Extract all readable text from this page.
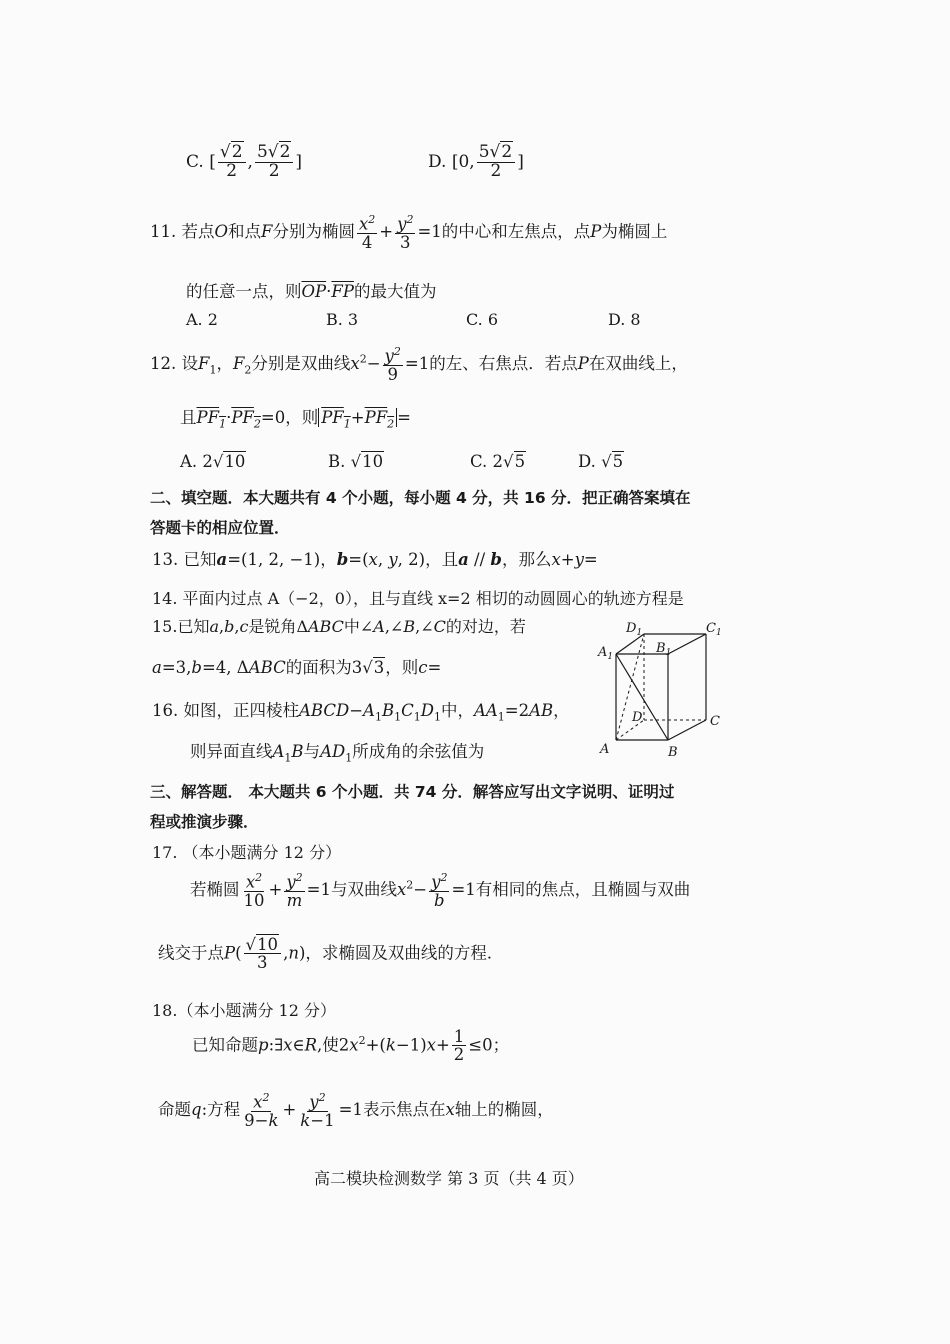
C. [ $\frac{√2}{2}$ , $\frac{5√2}{2}$ ]	D. [0, $\frac{5√2}{2}$ ]
11. 若点O和点F分别为椭圆 $\frac{x^2}{4} + \frac{y^2}{3} =1$的中心和左焦点，点P为椭圆上
的任意一点，则$\overline{OP}\cdot\overline{FP}$的最大值为
A. 2	B. 3	C. 6	D. 8
12. 设$F_1$，$F_2$分别是双曲线$x^2- \frac{y^2}{9} =1$的左、右焦点．若点P在双曲线上，
且$PF_1\cdot PF_2=0$，则 $PF_1+PF_2$ =
A. 2√10	B. √10	C. 2√5	D. √5
二、填空题．本大题共有 4 个小题，每小题 4 分，共 16 分．把正确答案填在
答题卡的相应位置．
13. 已知a=(1, 2, −1)，b=(x, y, 2)，且a // b，那么x+y=
14. 平面内过点 A（−2，0），且与直线 x=2 相切的动圆圆心的轨迹方程是
15.已知a,b,c是锐角ΔABC中∠A,∠B,∠C的对边，若
a=3,b=4, ΔABC的面积为3√3，则c=
16. 如图，正四棱柱$ABCD-A_1B_1C_1D_1$中，$AA_1=2AB$，
则异面直线$A_1B$与$AD_1$所成角的余弦值为
$D_1$	$C_1$
$A_1$
$B_1$
D	C
A	B
三、解答题． 本大题共 6 个小题．共 74 分．解答应写出文字说明、证明过
程或推演步骤．
17. （本小题满分 12 分）
若椭圆 $\frac{x^2}{10} + \frac{y^2}{m} =1$与双曲线$x^2- \frac{y^2}{b} =1$有相同的焦点，且椭圆与双曲
线交于点$P( \frac{√10}{3} ,n)$，求椭圆及双曲线的方程．
18.（本小题满分 12 分）
已知命题p:∃x∈R,使$2x^2+(k-1)x+ \frac{1}{2} \le 0$；
命题q:方程 $\frac{x^2}{9-k} + \frac{y^2}{k-1} =1$表示焦点在x轴上的椭圆，
高二模块检测数学 第 3 页（共 4 页）
